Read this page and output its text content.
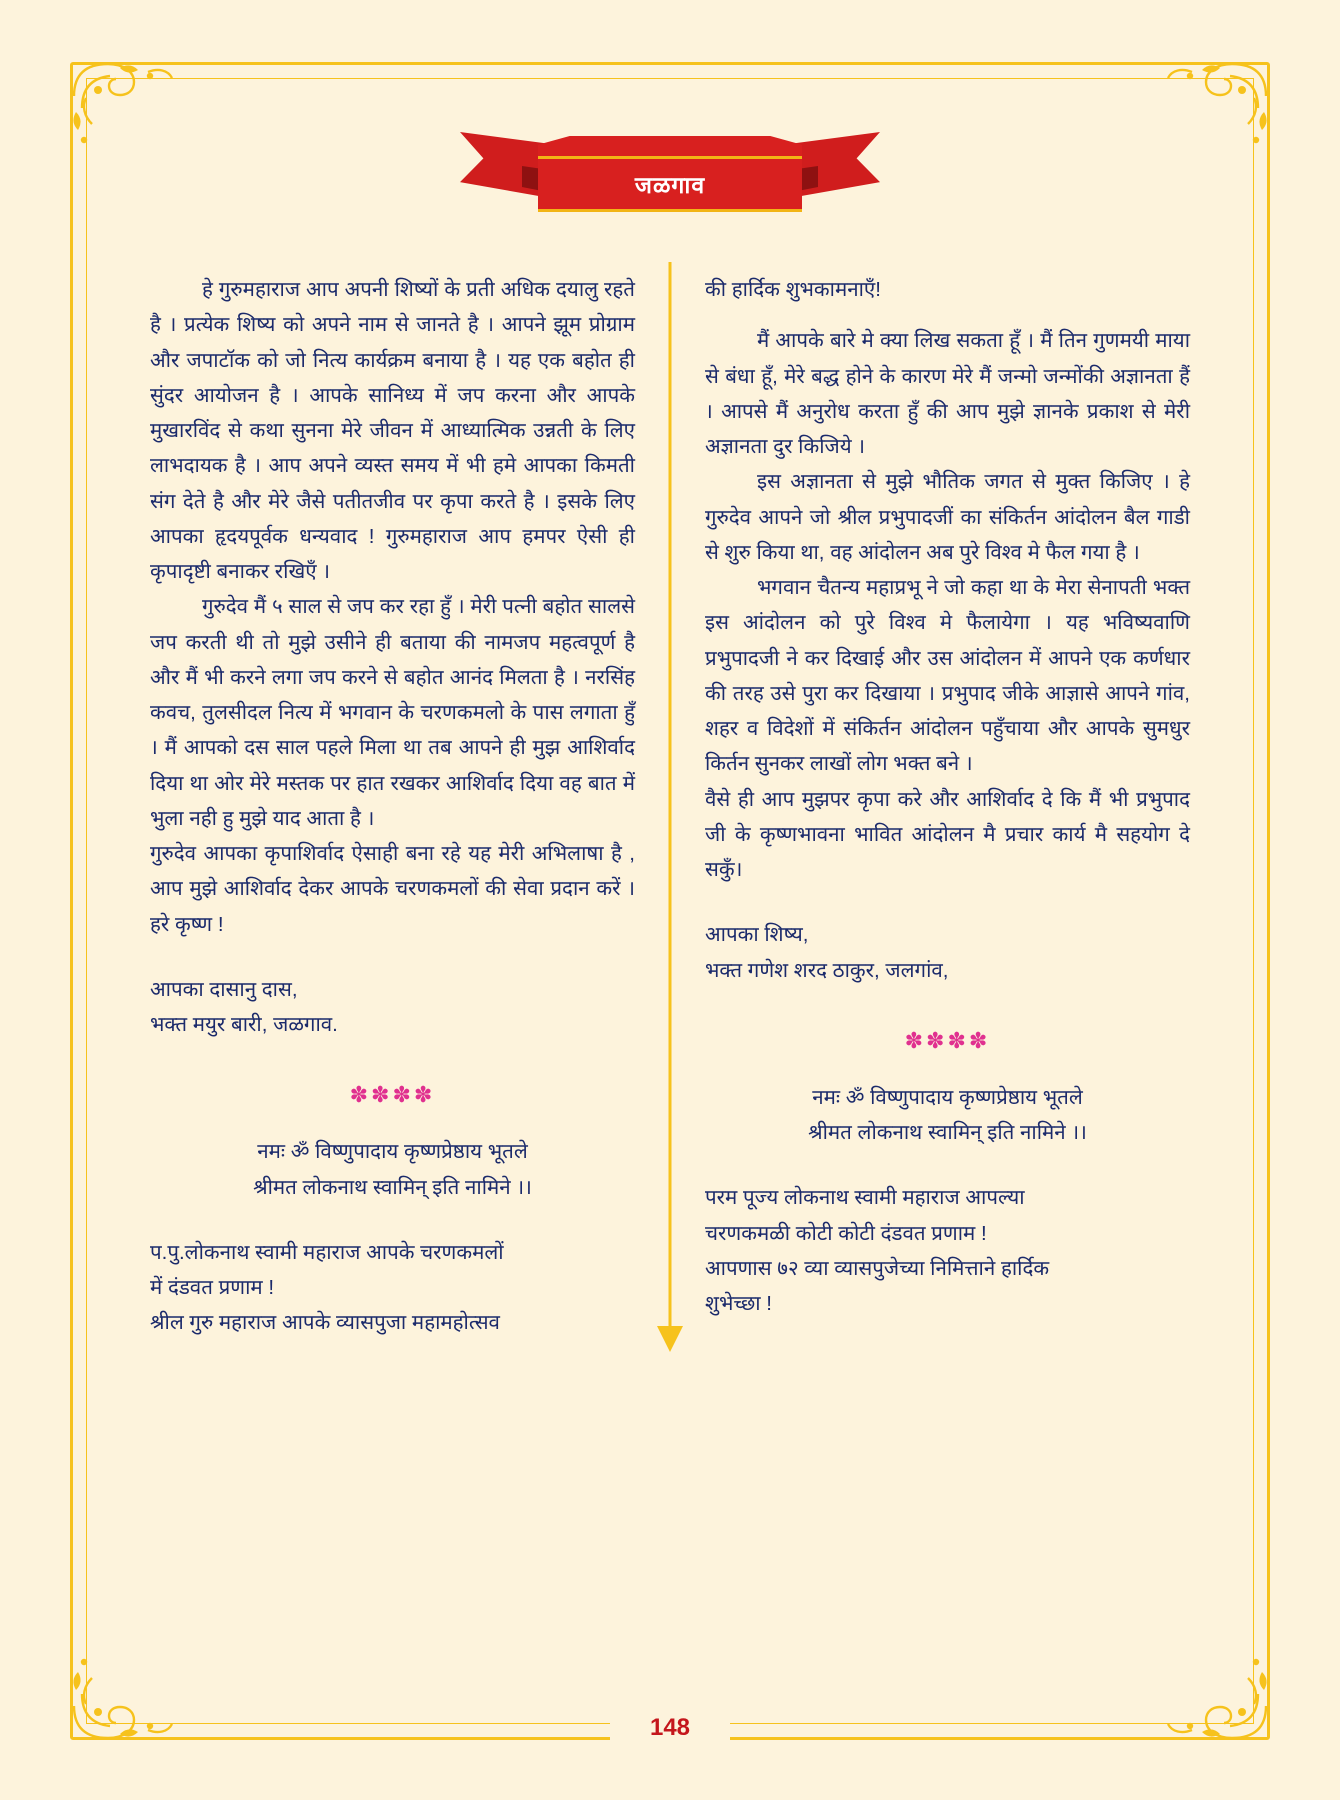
जळगाव

हे गुरुमहाराज आप अपनी शिष्यों के प्रती अधिक दयालु रहते है । प्रत्येक शिष्य को अपने नाम से जानते है । आपने झूम प्रोग्राम और जपाटॉक को जो नित्य कार्यक्रम बनाया है । यह एक बहोत ही सुंदर आयोजन है । आपके सानिध्य में जप करना और आपके मुखारविंद से कथा सुनना मेरे जीवन में आध्यात्मिक उन्नती के लिए लाभदायक है । आप अपने व्यस्त समय में भी हमे आपका किमती संग देते है और मेरे जैसे पतीतजीव पर कृपा करते है । इसके लिए आपका हृदयपूर्वक धन्यवाद ! गुरुमहाराज आप हमपर ऐसी ही कृपादृष्टी बनाकर रखिएँ ।

गुरुदेव मैं ५ साल से जप कर रहा हुँ । मेरी पत्नी बहोत सालसे जप करती थी तो मुझे उसीने ही बताया की नामजप महत्वपूर्ण है और मैं भी करने लगा जप करने से बहोत आनंद मिलता है । नरसिंह कवच, तुलसीदल नित्य में भगवान के चरणकमलो के पास लगाता हुँ । मैं आपको दस साल पहले मिला था तब आपने ही मुझ आशिर्वाद दिया था ओर मेरे मस्तक पर हात रखकर आशिर्वाद दिया वह बात में भुला नही हु मुझे याद आता है ।

गुरुदेव आपका कृपाशिर्वाद ऐसाही बना रहे यह मेरी अभिलाषा है , आप मुझे आशिर्वाद देकर आपके चरणकमलों की सेवा प्रदान करें । हरे कृष्ण !

आपका दासानु दास,

भक्त मयुर बारी, जळगाव.

✽✽✽✽
नमः ॐ विष्णुपादाय कृष्णप्रेष्ठाय भूतले
श्रीमत लोकनाथ स्वामिन् इति नामिने ।।

प.पु.लोकनाथ स्वामी महाराज आपके चरणकमलों

में दंडवत प्रणाम !

श्रील गुरु महाराज आपके व्यासपुजा महामहोत्सव

की हार्दिक शुभकामनाएँ!

मैं आपके बारे मे क्या लिख सकता हूँ । मैं तिन गुणमयी माया से बंधा हूँ, मेरे बद्ध होने के कारण मेरे मैं जन्मो जन्मोंकी अज्ञानता हैं । आपसे मैं अनुरोध करता हुँ की आप मुझे ज्ञानके प्रकाश से मेरी अज्ञानता दुर किजिये ।

इस अज्ञानता से मुझे भौतिक जगत से मुक्त किजिए । हे गुरुदेव आपने जो श्रील प्रभुपादजीं का संकिर्तन आंदोलन बैल गाडी से शुरु किया था, वह आंदोलन अब पुरे विश्व मे फैल गया है ।

भगवान चैतन्य महाप्रभू ने जो कहा था के मेरा सेनापती भक्त इस आंदोलन को पुरे विश्व मे फैलायेगा । यह भविष्यवाणि प्रभुपादजी ने कर दिखाई और उस आंदोलन में आपने एक कर्णधार की तरह उसे पुरा कर दिखाया । प्रभुपाद जीके आज्ञासे आपने गांव, शहर व विदेशों में संकिर्तन आंदोलन पहुँचाया और आपके सुमधुर किर्तन सुनकर लाखों लोग भक्त बने ।

वैसे ही आप मुझपर कृपा करे और आशिर्वाद दे कि मैं भी प्रभुपाद जी के कृष्णभावना भावित आंदोलन मै प्रचार कार्य मै सहयोग दे सकुँ।

आपका शिष्य,

भक्त गणेश शरद ठाकुर, जलगांव,

✽✽✽✽
नमः ॐ विष्णुपादाय कृष्णप्रेष्ठाय भूतले
श्रीमत लोकनाथ स्वामिन् इति नामिने ।।

परम पूज्य लोकनाथ स्वामी महाराज आपल्या

चरणकमळी कोटी कोटी दंडवत प्रणाम !

आपणास ७२ व्या व्यासपुजेच्या निमित्ताने हार्दिक

शुभेच्छा !

148
